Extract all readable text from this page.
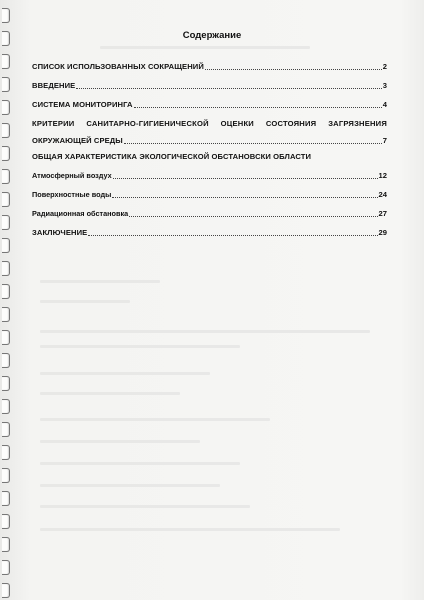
Содержание
СПИСОК ИСПОЛЬЗОВАННЫХ СОКРАЩЕНИЙ	2
ВВЕДЕНИЕ	3
СИСТЕМА МОНИТОРИНГА	4
КРИТЕРИИ САНИТАРНО-ГИГИЕНИЧЕСКОЙ ОЦЕНКИ СОСТОЯНИЯ ЗАГРЯЗНЕНИЯ
ОКРУЖАЮЩЕЙ СРЕДЫ	7
ОБЩАЯ ХАРАКТЕРИСТИКА ЭКОЛОГИЧЕСКОЙ ОБСТАНОВСКИ ОБЛАСТИ
Атмосферный воздух	12
Поверхностные воды	24
Радиационная обстановка	27
ЗАКЛЮЧЕНИЕ	29
